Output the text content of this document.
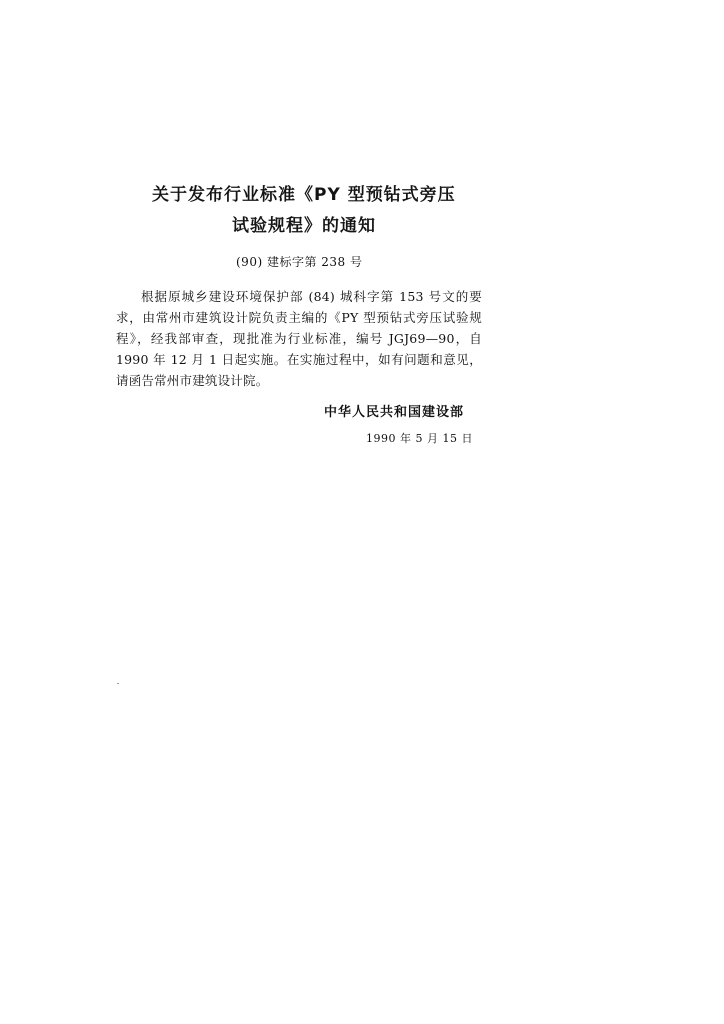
关于发布行业标准《PY 型预钻式旁压
试验规程》的通知
(90) 建标字第 238 号
根据原城乡建设环境保护部 (84) 城科字第 153 号文的要求，由常州市建筑设计院负责主编的《PY 型预钻式旁压试验规程》，经我部审查，现批准为行业标准，编号 JGJ69—90，自 1990 年 12 月 1 日起实施。在实施过程中，如有问题和意见，请函告常州市建筑设计院。
中华人民共和国建设部
1990 年 5 月 15 日
